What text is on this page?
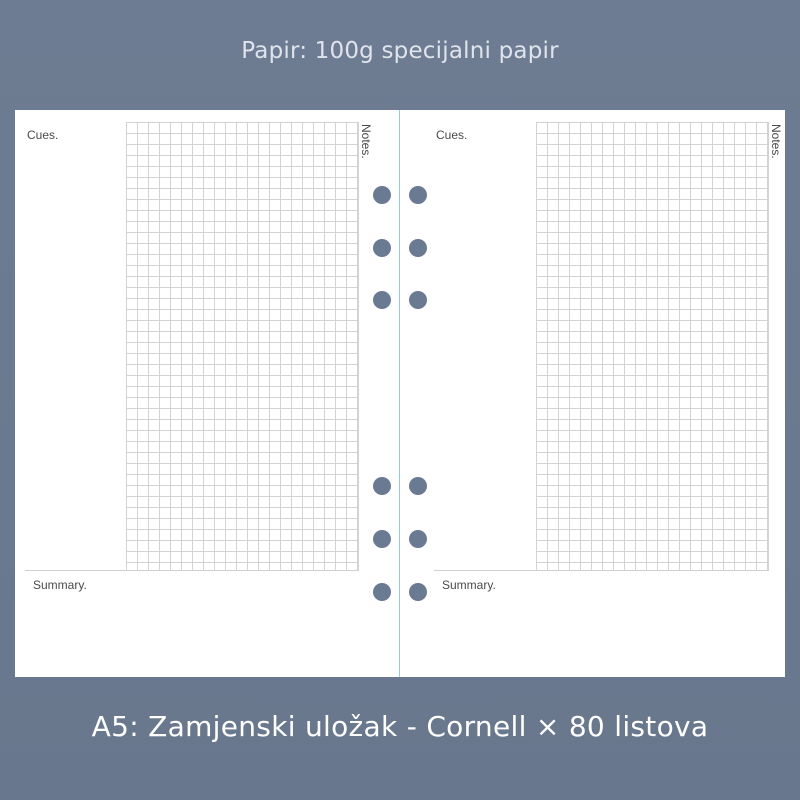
Papir: 100g specijalni papir
Cues.	Notes.
Summary.
Cues.	Notes.
Summary.
A5: Zamjenski uložak - Cornell × 80 listova
